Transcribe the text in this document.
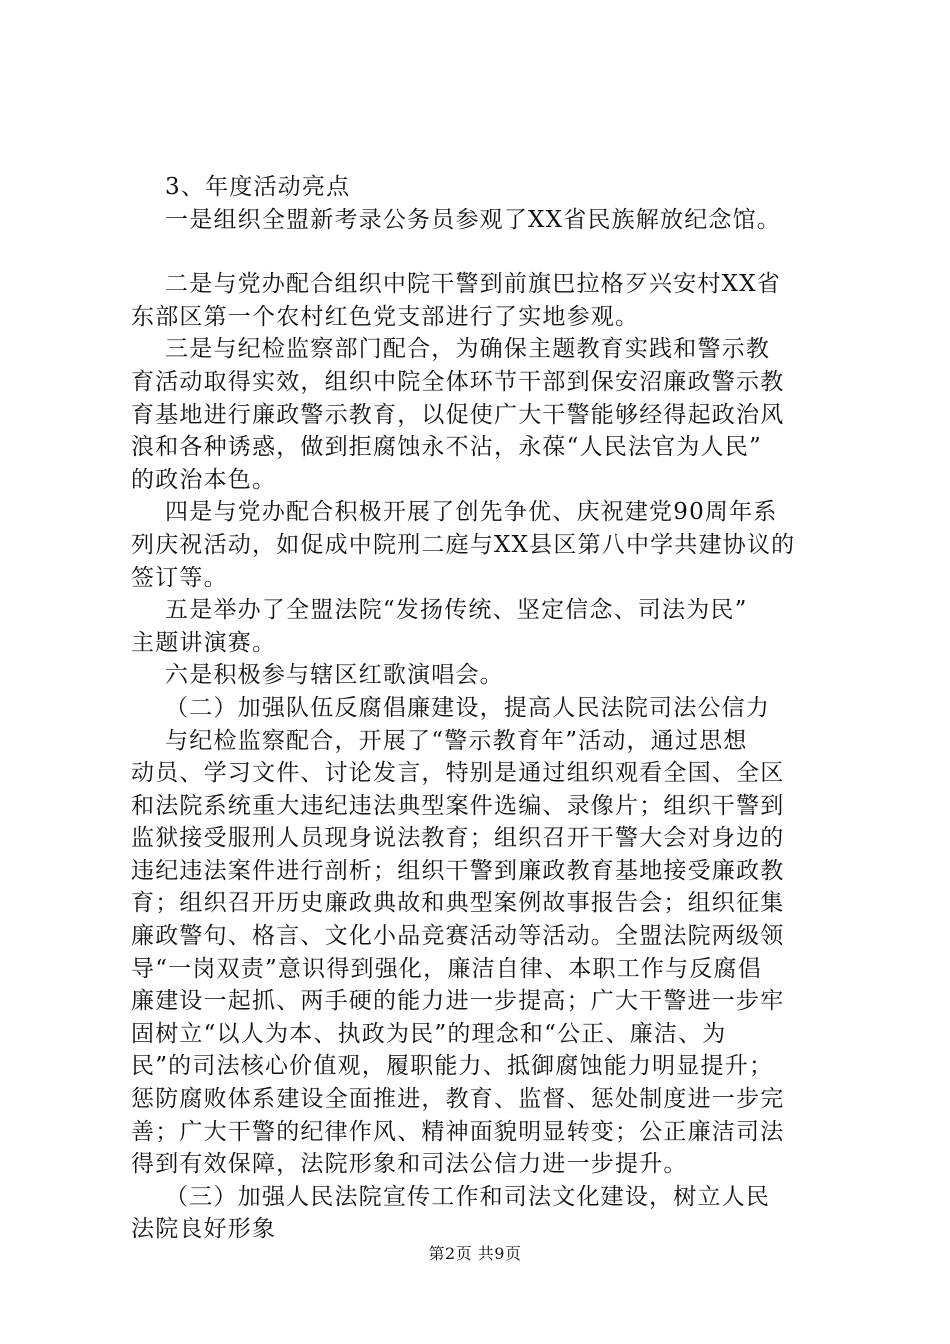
3、年度活动亮点
一是组织全盟新考录公务员参观了XX省民族解放纪念馆。
二是与党办配合组织中院干警到前旗巴拉格歹兴安村XX省
东部区第一个农村红色党支部进行了实地参观。
三是与纪检监察部门配合，为确保主题教育实践和警示教
育活动取得实效，组织中院全体环节干部到保安沼廉政警示教
育基地进行廉政警示教育，以促使广大干警能够经得起政治风
浪和各种诱惑，做到拒腐蚀永不沾，永葆“人民法官为人民”
的政治本色。
四是与党办配合积极开展了创先争优、庆祝建党90周年系
列庆祝活动，如促成中院刑二庭与XX县区第八中学共建协议的
签订等。
五是举办了全盟法院“发扬传统、坚定信念、司法为民”
主题讲演赛。
六是积极参与辖区红歌演唱会。
（二）加强队伍反腐倡廉建设，提高人民法院司法公信力
与纪检监察配合，开展了“警示教育年”活动，通过思想
动员、学习文件、讨论发言，特别是通过组织观看全国、全区
和法院系统重大违纪违法典型案件选编、录像片；组织干警到
监狱接受服刑人员现身说法教育；组织召开干警大会对身边的
违纪违法案件进行剖析；组织干警到廉政教育基地接受廉政教
育；组织召开历史廉政典故和典型案例故事报告会；组织征集
廉政警句、格言、文化小品竞赛活动等活动。全盟法院两级领
导“一岗双责”意识得到强化，廉洁自律、本职工作与反腐倡
廉建设一起抓、两手硬的能力进一步提高；广大干警进一步牢
固树立“以人为本、执政为民”的理念和“公正、廉洁、为
民”的司法核心价值观，履职能力、抵御腐蚀能力明显提升；
惩防腐败体系建设全面推进，教育、监督、惩处制度进一步完
善；广大干警的纪律作风、精神面貌明显转变；公正廉洁司法
得到有效保障，法院形象和司法公信力进一步提升。
（三）加强人民法院宣传工作和司法文化建设，树立人民
法院良好形象
第2页 共9页
